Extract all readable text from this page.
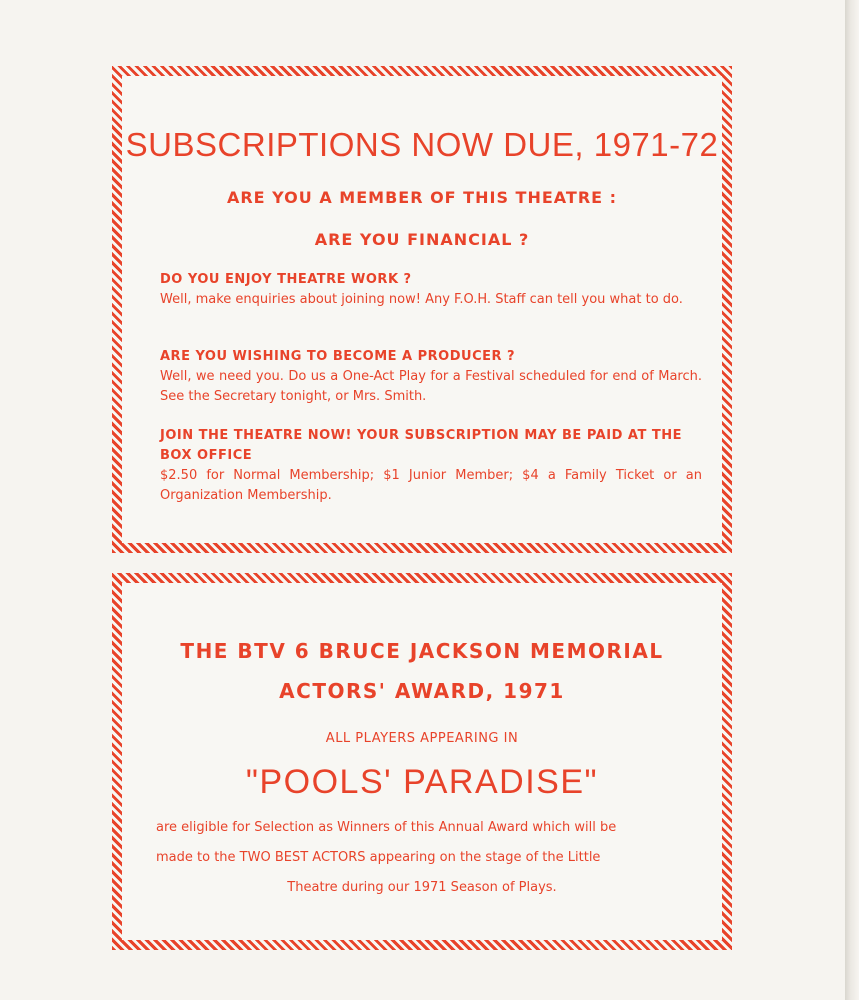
SUBSCRIPTIONS NOW DUE, 1971-72
ARE YOU A MEMBER OF THIS THEATRE :
ARE YOU FINANCIAL ?
DO YOU ENJOY THEATRE WORK ?
Well, make enquiries about joining now! Any F.O.H. Staff can tell you what to do.
ARE YOU WISHING TO BECOME A PRODUCER ?
Well, we need you. Do us a One-Act Play for a Festival scheduled for end of March. See the Secretary tonight, or Mrs. Smith.
JOIN THE THEATRE NOW! YOUR SUBSCRIPTION MAY BE PAID AT THE BOX OFFICE
$2.50 for Normal Membership; $1 Junior Member; $4 a Family Ticket or an Organization Membership.
THE BTV 6 BRUCE JACKSON MEMORIAL
ACTORS' AWARD, 1971
ALL PLAYERS APPEARING IN
"POOLS' PARADISE"
are eligible for Selection as Winners of this Annual Award which will be
made to the TWO BEST ACTORS appearing on the stage of the Little
Theatre during our 1971 Season of Plays.
